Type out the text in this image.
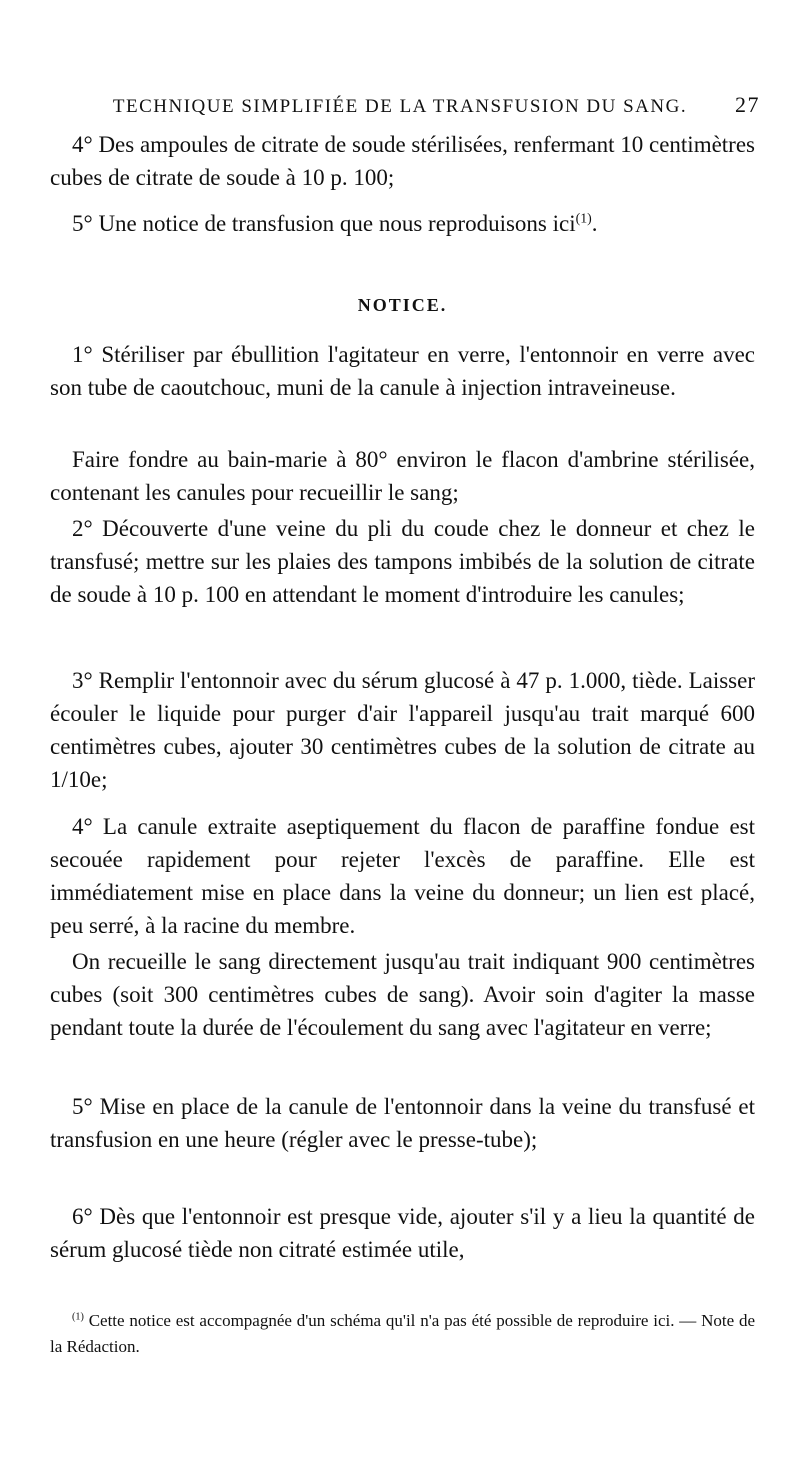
TECHNIQUE SIMPLIFIÉE DE LA TRANSFUSION DU SANG.	27

4° Des ampoules de citrate de soude stérilisées, renfermant 10 centimètres cubes de citrate de soude à 10 p. 100;

5° Une notice de transfusion que nous reproduisons ici$^{(1)}$.

NOTICE.

1° Stériliser par ébullition l'agitateur en verre, l'entonnoir en verre avec son tube de caoutchouc, muni de la canule à injection intraveineuse.

Faire fondre au bain-marie à 80° environ le flacon d'ambrine stérilisée, contenant les canules pour recueillir le sang;

2° Découverte d'une veine du pli du coude chez le donneur et chez le transfusé; mettre sur les plaies des tampons imbibés de la solution de citrate de soude à 10 p. 100 en attendant le moment d'introduire les canules;

3° Remplir l'entonnoir avec du sérum glucosé à 47 p. 1.000, tiède. Laisser écouler le liquide pour purger d'air l'appareil jusqu'au trait marqué 600 centimètres cubes, ajouter 30 centimètres cubes de la solution de citrate au 1/10e;

4° La canule extraite aseptiquement du flacon de paraffine fondue est secouée rapidement pour rejeter l'excès de paraffine. Elle est immédiatement mise en place dans la veine du donneur; un lien est placé, peu serré, à la racine du membre.

On recueille le sang directement jusqu'au trait indiquant 900 centimètres cubes (soit 300 centimètres cubes de sang). Avoir soin d'agiter la masse pendant toute la durée de l'écoulement du sang avec l'agitateur en verre;

5° Mise en place de la canule de l'entonnoir dans la veine du transfusé et transfusion en une heure (régler avec le presse-tube);

6° Dès que l'entonnoir est presque vide, ajouter s'il y a lieu la quantité de sérum glucosé tiède non citraté estimée utile,

$^{(1)}$ Cette notice est accompagnée d'un schéma qu'il n'a pas été possible de reproduire ici. — Note de la Rédaction.
